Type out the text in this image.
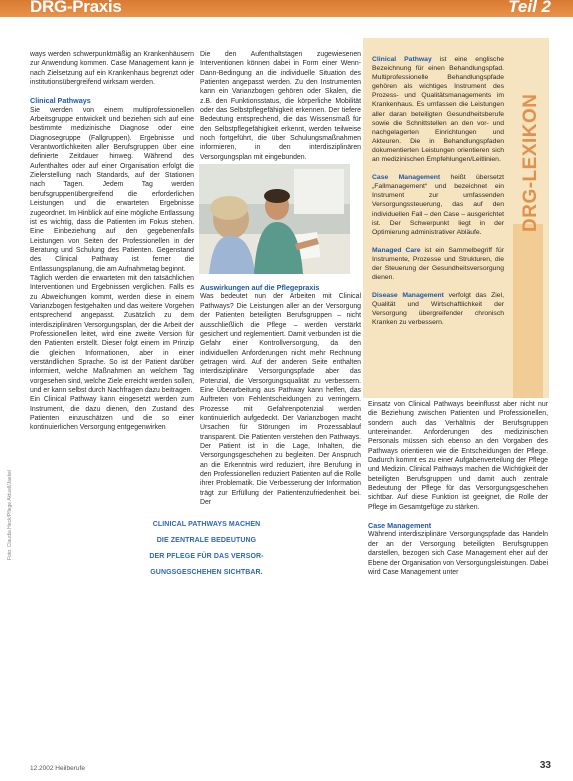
DRG-Praxis	Teil 2

ways werden schwerpunktmäßig an Krankenhäusern zur Anwendung kommen. Case Management kann je nach Zielsetzung auf ein Krankenhaus begrenzt oder institutionsübergreifend wirksam werden.

Clinical Pathways

Sie werden von einem multiprofessionellen Arbeitsgruppe entwickelt und beziehen sich auf eine bestimmte medizinische Diagnose oder eine Diagnosegruppe (Fallgruppen). Ergebnisse und Verantwortlichkeiten aller Berufsgruppen über eine definierte Zeitdauer hinweg. Während des Aufenthaltes oder auf einer Organisation erfolgt die Zielerstellung nach Standards, auf der Stationen nach Tagen. Jedem Tag werden berufsgruppenübergreifend die erforderlichen Leistungen und die erwarteten Ergebnisse zugeordnet. Im Hinblick auf eine mögliche Entlassung ist es wichtig, dass die Patienten im Fokus stehen. Eine Einbeziehung auf den gegebenenfalls Leistungen von Seiten der Professionellen in der Beratung und Schulung des Patienten. Gegenstand des Clinical Pathway ist ferner die Entlassungsplanung, die am Aufnahmetag beginnt.

Täglich werden die erwarteten mit den tatsächlichen Interventionen und Ergebnissen verglichen. Falls es zu Abweichungen kommt, werden diese in einem Varianzbogen festgehalten und das weitere Vorgehen entsprechend angepasst. Zusätzlich zu dem interdisziplinären Versorgungsplan, der die Arbeit der Professionellen leitet, wird eine zweite Version für den Patienten erstellt. Dieser folgt einem im Prinzip die gleichen Informationen, aber in einer verständlichen Sprache. So ist der Patient darüber informiert, welche Maßnahmen an welchem Tag vorgesehen sind, welche Ziele erreicht werden sollen, und er kann selbst durch Nachfragen dazu beitragen.

Ein Clinical Pathway kann eingesetzt werden zum Instrument, die dazu dienen, den Zustand des Patienten einzuschätzen und die so einer kontinuierlichen Versorgung entgegenwirken

Die den Aufenthaltstagen zugewiesenen Interventionen können dabei in Form einer Wenn-Dann-Bedingung an die individuelle Situation des Patienten angepasst werden. Zu den Instrumenten kann ein Varianzbogen gehören oder Skalen, die z.B. den Funktionsstatus, die körperliche Mobilität oder das Selbstpflegefähigkeit erkennen. Der tiefere Bedeutung entsprechend, die das Wissensmaß für den Selbstpflegefähigkeit erkennt, werden teilweise noch fortgeführt, die über Schulungsmaßnahmen informieren, in den interdisziplinären Versorgungsplan mit eingebunden.

Auswirkungen auf die Pflegepraxis

Was bedeutet nun der Arbeiten mit Clinical Pathways? Die Leistungen aller an der Versorgung der Patienten beteiligten Berufsgruppen – nicht ausschließlich die Pflege – werden verstärkt gesichert und reglementiert. Damit verbunden ist die Gefahr einer Kontrollversorgung, da den individuellen Anforderungen nicht mehr Rechnung getragen wird. Auf der anderen Seite enthalten interdisziplinäre Versorgungspfade aber das Potenzial, die Versorgungsqualität zu verbessern. Eine Überarbeitung aus Pathway kann helfen, das Auftreten von Fehlentscheidungen zu verringern. Prozesse mit Gefahrenpotenzial werden kontinuierlich aufgedeckt. Der Varianzbogen macht Ursachen für Störungen im Prozessablauf transparent. Die Patienten verstehen den Pathways. Der Patient ist in die Lage, Inhalten, die Versorgungsgeschehen zu begleiten. Der Anspruch an die Erkenntnis wird reduziert, ihre Berufung in den Professionellen reduziert Patienten auf die Rolle ihrer Problematik. Die Verbesserung der Information trägt zur Erfüllung der Patientenzufriedenheit bei. Der

DRG-LEXIKON

Clinical Pathway ist eine englische Bezeichnung für einen Behandlungspfad. Multiprofessionelle Behandlungspfade gehören als wichtiges Instrument des Prozess- und Qualitätsmanagements im Krankenhaus. Es umfassen die Leistungen aller daran beteiligten Gesundheitsberufe sowie die Schnittstellen an den vor- und nachgelagerten Einrichtungen und Akteuren. Die in Behandlungspfaden dokumentierten Leistungen orientieren sich an medizinischen Empfehlungen/Leitlinien.

Case Management heißt übersetzt „Fallmanagement“ und bezeichnet ein Instrument zur umfassenden Versorgungssteuerung, das auf den individuellen Fall – den Case – ausgerichtet ist. Der Schwerpunkt liegt in der Optimierung administrativer Abläufe.

Managed Care ist ein Sammelbegriff für Instrumente, Prozesse und Strukturen, die der Steuerung der Gesundheitsversorgung dienen.

Disease Management verfolgt das Ziel, Qualität und Wirtschaftlichkeit der Versorgung übergreifender chronisch Kranken zu verbessern.

Einsatz von Clinical Pathways beeinflusst aber nicht nur die Beziehung zwischen Patienten und Professionellen, sondern auch das Verhältnis der Berufsgruppen untereinander. Anforderungen des medizinischen Personals müssen sich ebenso an den Vorgaben des Pathways orientieren wie die Entscheidungen der Pflege. Dadurch kommt es zu einer Aufgabenverteilung der Pflege und Medizin. Clinical Pathways machen die Wichtigkeit der beteiligten Berufsgruppen und damit auch zentrale Bedeutung der Pflege für das Versorgungsgeschehen sichtbar. Auf diese Funktion ist geeignet, die Rolle der Pflege im Gesamtgefüge zu stärken.

Case Management

Während interdisziplinäre Versorgungspfade das Handeln der an der Versorgung beteiligten Berufsgruppen darstellen, bezogen sich Case Management eher auf der Ebene der Organisation von Versorgungsleistungen. Dabei wird Case Management unter

CLINICAL PATHWAYS MACHEN
DIE ZENTRALE BEDEUTUNG
DER PFLEGE FÜR DAS VERSOR-
GUNGSGESCHEHEN SICHTBAR.
Foto: Claudia Heck/Pflege Aktuell/Jaekel
12.2002 Heilberufe	33
